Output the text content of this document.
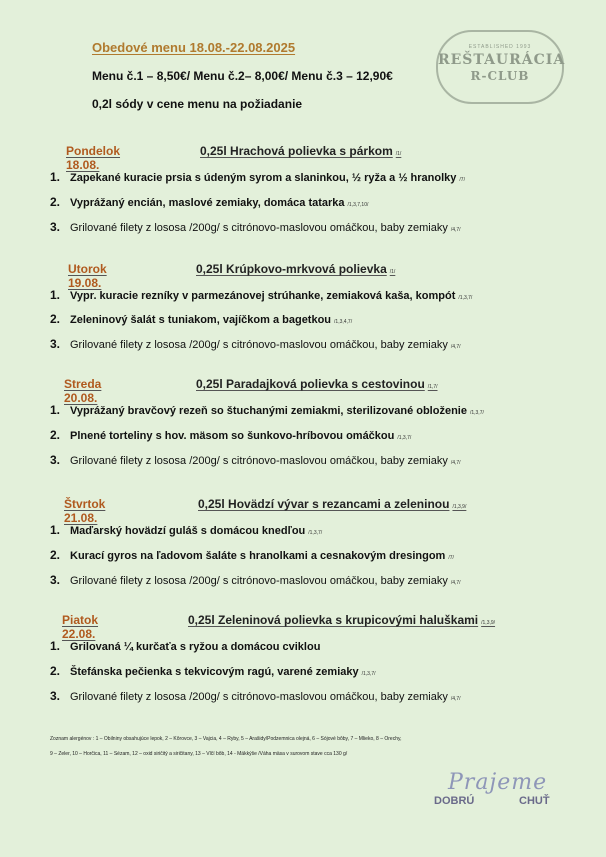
Obedové menu 18.08.-22.08.2025
Menu č.1 – 8,50€/ Menu č.2– 8,00€/ Menu č.3 – 12,90€
0,2l sódy v cene menu na požiadanie
ESTABLISHED 1993
REŠTAURÁCIA
R-CLUB
Pondelok 18.08.
0,25l Hrachová polievka s párkom /1/
1. Zapekané kuracie prsia s údeným syrom a slaninkou, ½ ryža a ½ hranolky /7/
2. Vyprážaný encián, maslové zemiaky, domáca tatarka /1,3,7,10/
3. Grilované filety z lososa /200g/ s citrónovo-maslovou omáčkou, baby zemiaky /4,7/
Utorok 19.08.
0,25l Krúpkovo-mrkvová polievka /1/
1. Vypr. kuracie rezníky v parmezánovej strúhanke, zemiaková kaša, kompót /1,3,7/
2. Zeleninový šalát s tuniakom, vajíčkom a bagetkou /1,3,4,7/
3. Grilované filety z lososa /200g/ s citrónovo-maslovou omáčkou, baby zemiaky /4,7/
Streda 20.08.
0,25l Paradajková polievka s cestovinou /1,7/
1. Vyprážaný bravčový rezeň so štuchanými zemiakmi, sterilizované obloženie /1,3,7/
2. Plnené torteliny s hov. mäsom so šunkovo-hríbovou omáčkou /1,3,7/
3. Grilované filety z lososa /200g/ s citrónovo-maslovou omáčkou, baby zemiaky /4,7/
Štvrtok 21.08.
0,25l Hovädzí vývar s rezancami a zeleninou /1,3,9/
1. Maďarský hovädzí guláš s domácou knedľou /1,3,7/
2. Kurací gyros na ľadovom šaláte s hranolkami a cesnakovým dresingom /7/
3. Grilované filety z lososa /200g/ s citrónovo-maslovou omáčkou, baby zemiaky /4,7/
Piatok 22.08.
0,25l Zeleninová polievka s krupicovými haluškami /1,3,9/
1. Grilovaná ¼ kurčaťa s ryžou a domácou cviklou
2. Štefánska pečienka s tekvicovým ragú, varené zemiaky /1,3,7/
3. Grilované filety z lososa /200g/ s citrónovo-maslovou omáčkou, baby zemiaky /4,7/
Zoznam alergénov : 1 – Obilniny obsahujúce lepok, 2 – Kôrovce, 3 – Vajcia, 4 – Ryby, 5 – Arašidy/Podzemnica olejná, 6 – Sójové bôby, 7 – Mlieko, 8 – Orechy,
9 – Zeler, 10 – Horčica, 11 – Sézam, 12 – oxid siričitý a siričitany, 13 – Vlčí bôb, 14 - Mäkkýše /Váha mäsa v surovom stave cca 130 g/
Prajeme
DOBRÚ	CHUŤ
